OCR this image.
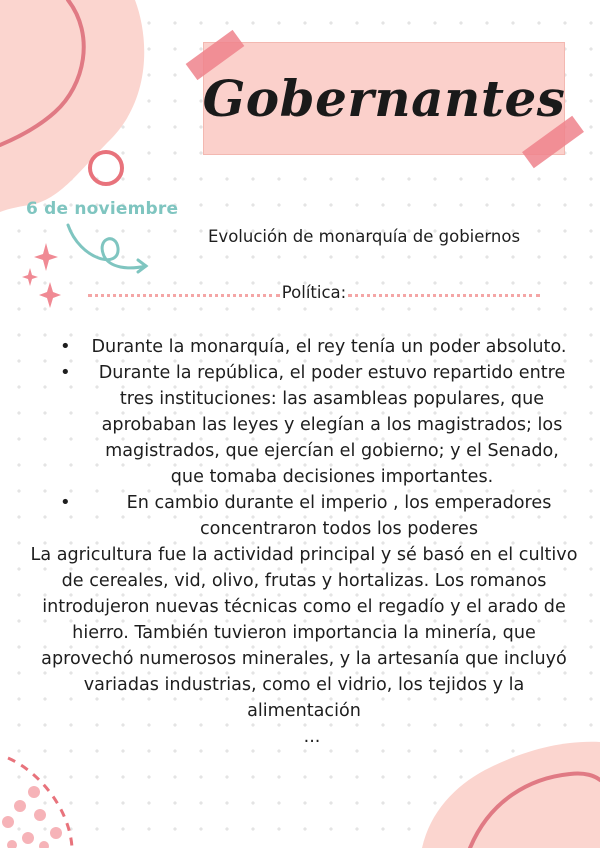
Gobernantes
6 de noviembre
Evolución de monarquía de gobiernos
Política:
• Durante la monarquía, el rey tenía un poder absoluto.
• Durante la república, el poder estuvo repartido entre tres instituciones: las asambleas populares, que aprobaban las leyes y elegían a los magistrados; los magistrados, que ejercían el gobierno; y el Senado, que tomaba decisiones importantes.
•	En cambio durante el imperio , los emperadores concentraron todos los poderes
La agricultura fue la actividad principal y sé basó en el cultivo de cereales, vid, olivo, frutas y hortalizas. Los romanos introdujeron nuevas técnicas como el regadío y el arado de hierro. También tuvieron importancia la minería, que aprovechó numerosos minerales, y la artesanía que incluyó variadas industrias, como el vidrio, los tejidos y la alimentación
...
